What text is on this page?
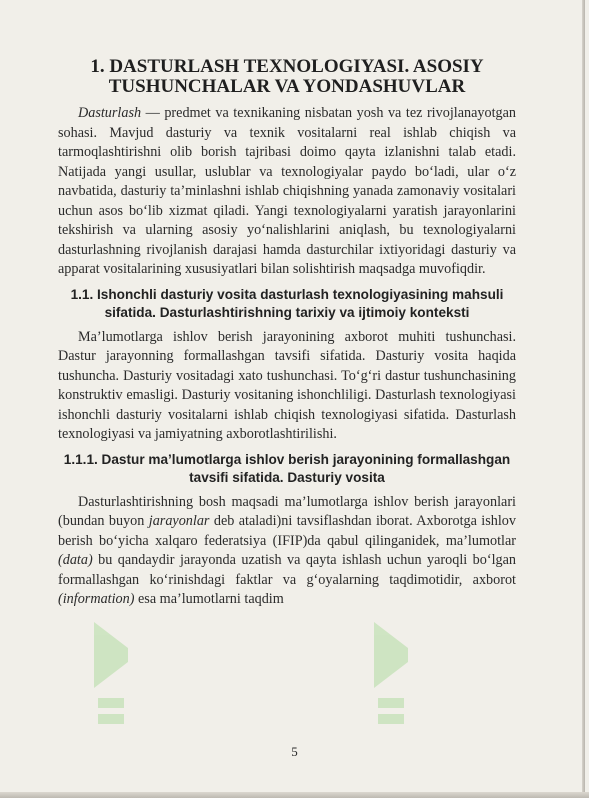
1. DASTURLASH TEXNOLOGIYASI. ASOSIY TUSHUNCHALAR VA YONDASHUVLAR

Dasturlash — predmet va texnikaning nisbatan yosh va tez rivojlanayotgan sohasi. Mavjud dasturiy va texnik vositalarni real ishlab chiqish va tarmoqlashtirishni olib borish tajribasi doimo qayta izlanishni talab etadi. Natijada yangi usullar, uslublar va texnologiyalar paydo bo‘ladi, ular o‘z navbatida, dasturiy ta’minlashni ishlab chiqishning yanada zamonaviy vositalari uchun asos bo‘lib xizmat qiladi. Yangi texnologiyalarni yaratish jarayonlarini tekshirish va ularning asosiy yo‘nalishlarini aniqlash, bu texnologiyalarni dasturlashning rivojlanish darajasi hamda dasturchilar ixtiyoridagi dasturiy va apparat vositalarining xususiyatlari bilan solishtirish maqsadga muvofiqdir.

1.1. Ishonchli dasturiy vosita dasturlash texnologiyasining mahsuli sifatida. Dasturlashtirishning tarixiy va ijtimoiy konteksti

Ma’lumotlarga ishlov berish jarayonining axborot muhiti tushunchasi. Dastur jarayonning formallashgan tavsifi sifatida. Dasturiy vosita haqida tushuncha. Dasturiy vositadagi xato tushunchasi. To‘g‘ri dastur tushunchasining konstruktiv emasligi. Dasturiy vositaning ishonchliligi. Dasturlash texnologiyasi ishonchli dasturiy vositalarni ishlab chiqish texnologiyasi sifatida. Dasturlash texnologiyasi va jamiyatning axborotlashtirilishi.

1.1.1. Dastur ma’lumotlarga ishlov berish jarayonining formallashgan tavsifi sifatida. Dasturiy vosita

Dasturlashtirishning bosh maqsadi ma’lumotlarga ishlov berish jarayonlari (bundan buyon jarayonlar deb ataladi)ni tavsiflashdan iborat. Axborotga ishlov berish bo‘yicha xalqaro federatsiya (IFIP)da qabul qilinganidek, ma’lumotlar (data) bu qandaydir jarayonda uzatish va qayta ishlash uchun yaroqli bo‘lgan formallashgan ko‘rinishdagi faktlar va g‘oyalarning taqdimotidir, axborot (information) esa ma’lumotlarni taqdim

5
